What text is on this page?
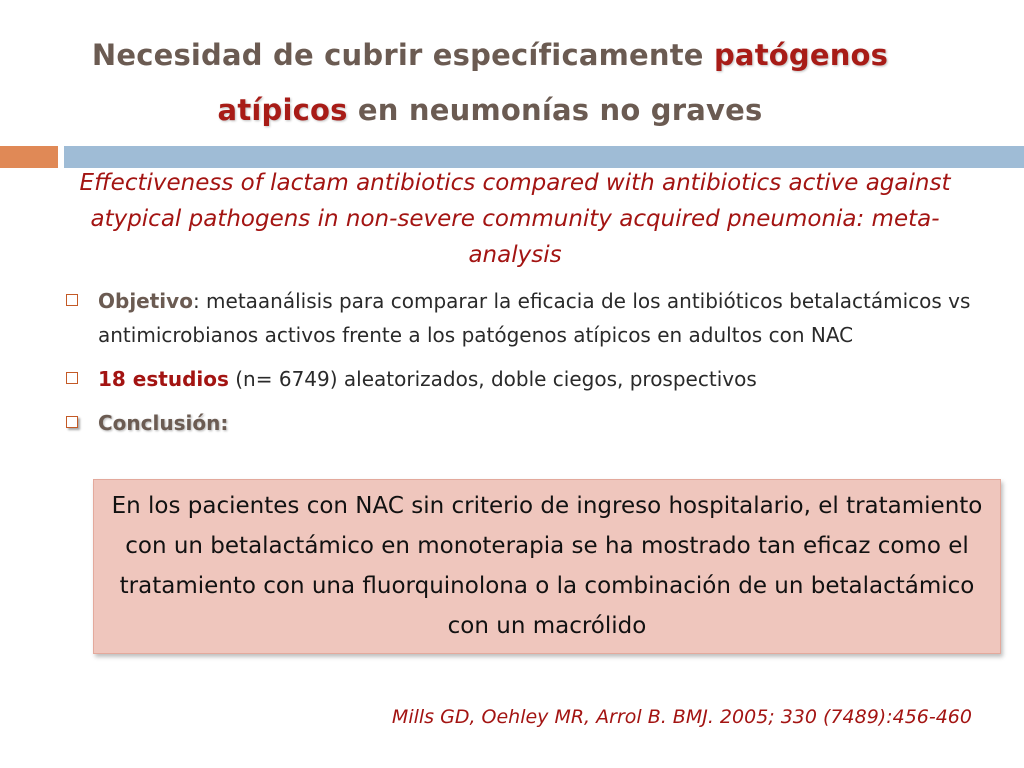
Necesidad de cubrir específicamente patógenos
atípicos en neumonías no graves
Effectiveness of lactam antibiotics compared with antibiotics active against atypical pathogens in non-severe community acquired pneumonia: meta-analysis
Objetivo: metaanálisis para comparar la eficacia de los antibióticos betalactámicos vs antimicrobianos activos frente a los patógenos atípicos en adultos con NAC
18 estudios (n= 6749) aleatorizados, doble ciegos, prospectivos
Conclusión:
En los pacientes con NAC sin criterio de ingreso hospitalario, el tratamiento con un betalactámico en monoterapia se ha mostrado tan eficaz como el tratamiento con una fluorquinolona o la combinación de un betalactámico con un macrólido
Mills GD, Oehley MR, Arrol B. BMJ. 2005; 330 (7489):456-460
